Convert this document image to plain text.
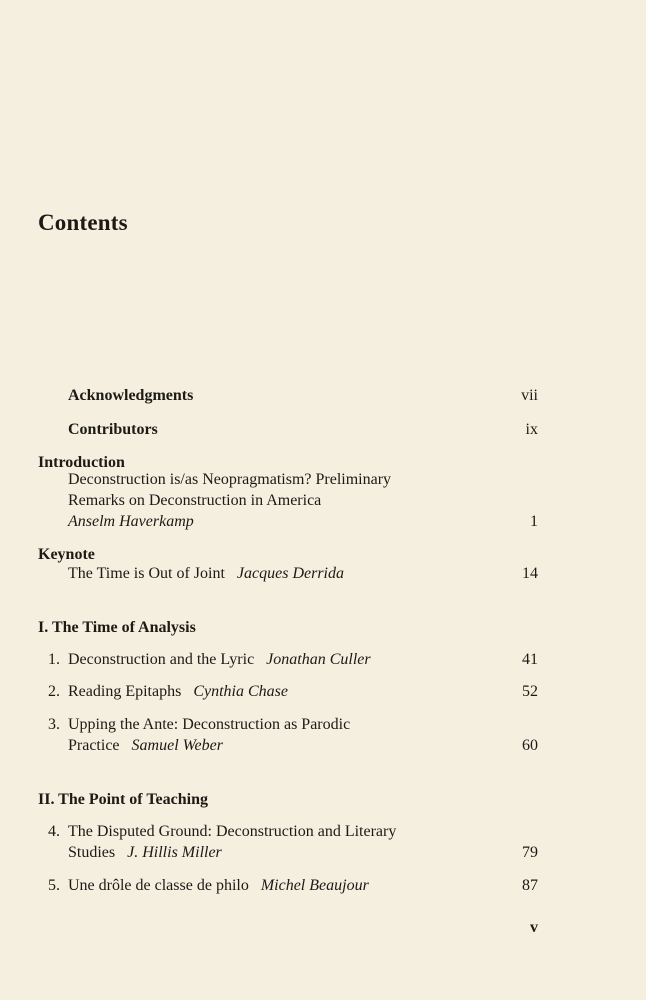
Contents
Acknowledgments	vii
Contributors	ix
Introduction
Deconstruction is/as Neopragmatism? Preliminary
Remarks on Deconstruction in America
Anselm Haverkamp	1
Keynote
The Time is Out of Joint Jacques Derrida	14
I. The Time of Analysis
1. Deconstruction and the Lyric Jonathan Culler	41
2. Reading Epitaphs Cynthia Chase	52
3. Upping the Ante: Deconstruction as Parodic
Practice Samuel Weber	60
II. The Point of Teaching
4. The Disputed Ground: Deconstruction and Literary
Studies J. Hillis Miller	79
5. Une drôle de classe de philo Michel Beaujour	87
v
